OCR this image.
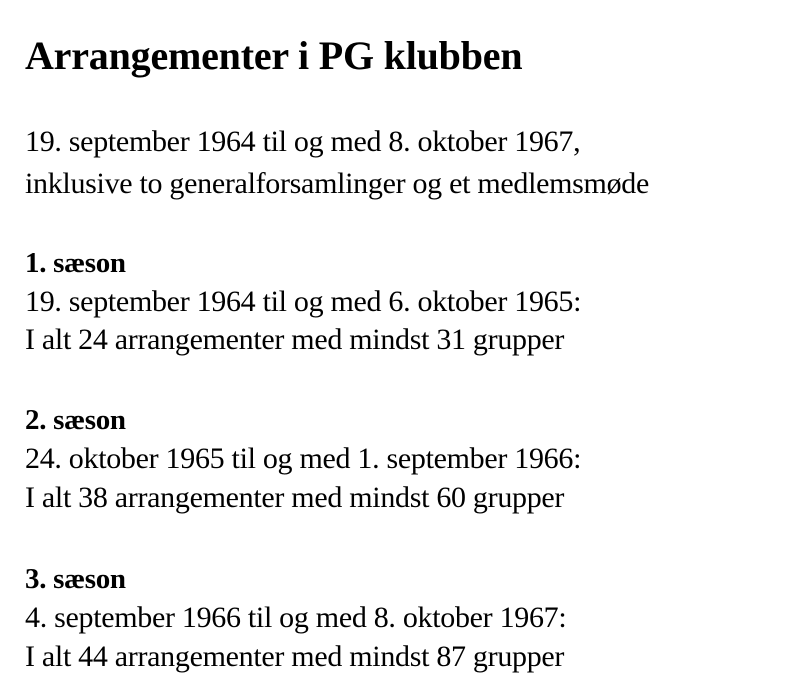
Arrangementer i PG klubben

19. september 1964 til og med 8. oktober 1967,

inklusive to generalforsamlinger og et medlemsmøde

1. sæson

19. september 1964 til og med 6. oktober 1965:

I alt 24 arrangementer med mindst 31 grupper

2. sæson

24. oktober 1965 til og med 1. september 1966:

I alt 38 arrangementer med mindst 60 grupper

3. sæson

4. september 1966 til og med 8. oktober 1967:

I alt 44 arrangementer med mindst 87 grupper
